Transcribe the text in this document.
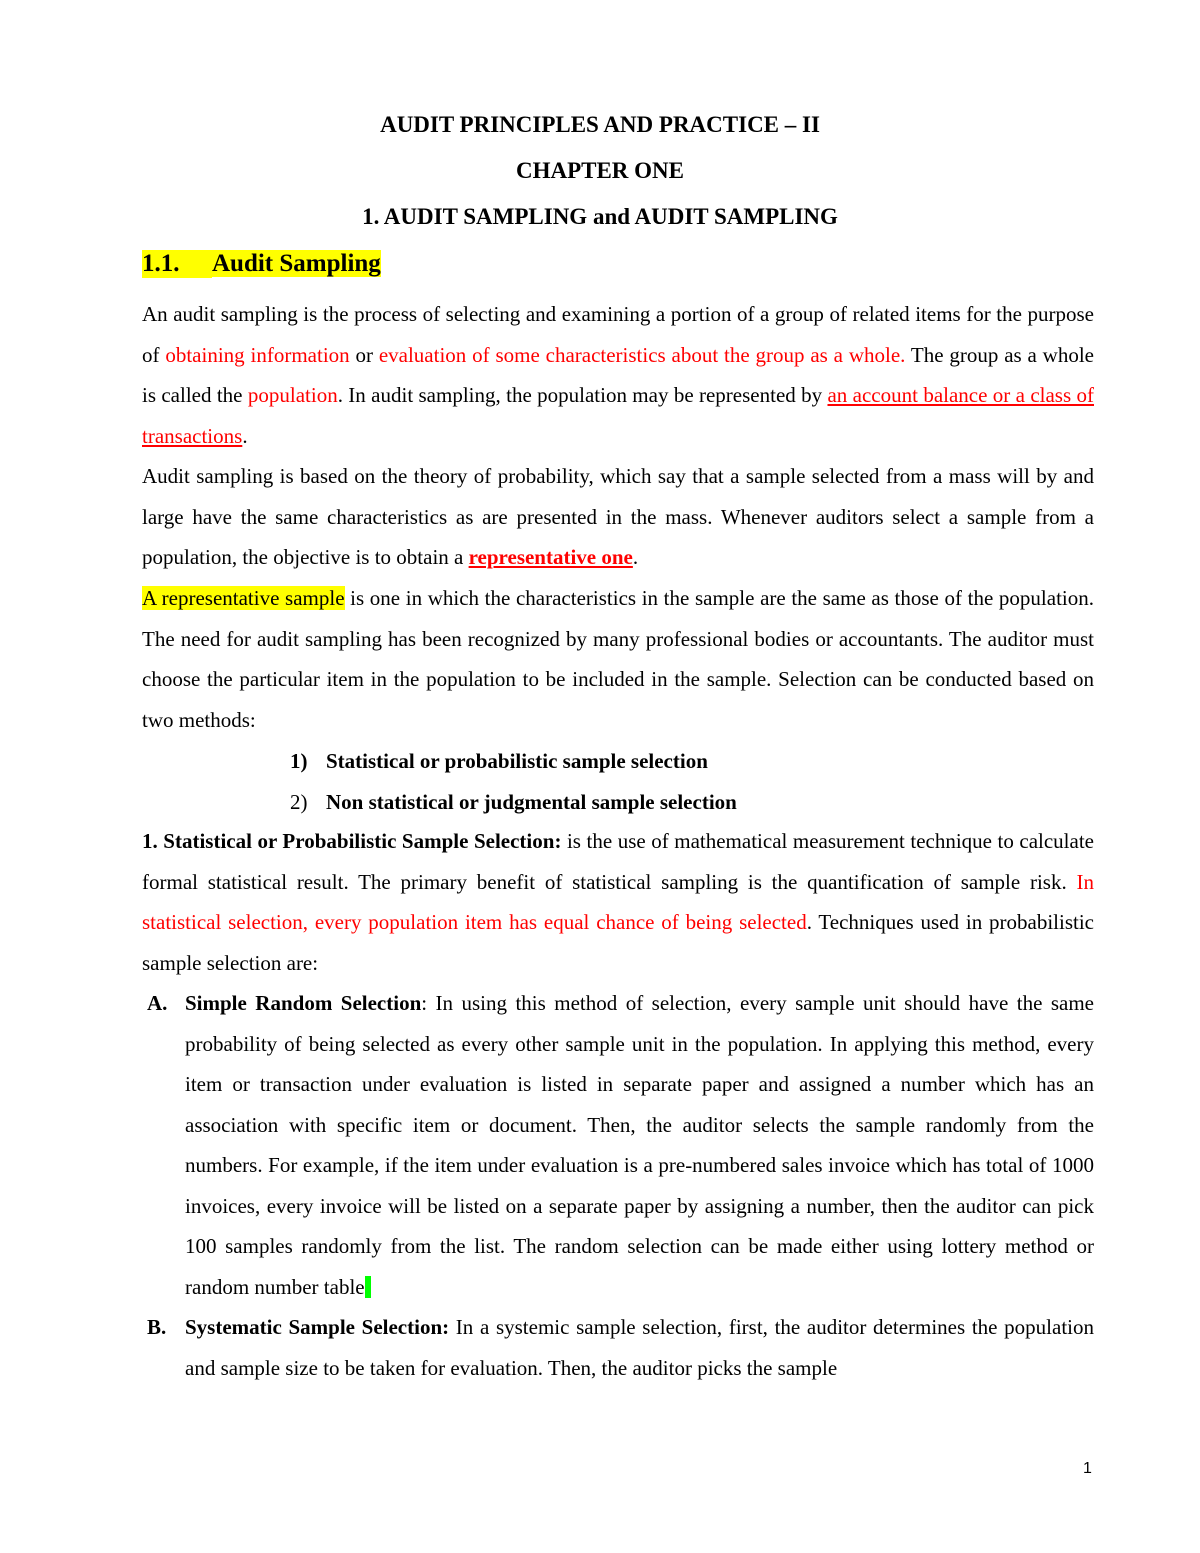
AUDIT PRINCIPLES AND PRACTICE – II
CHAPTER ONE
1. AUDIT SAMPLING and AUDIT SAMPLING
1.1. Audit Sampling
An audit sampling is the process of selecting and examining a portion of a group of related items for the purpose of obtaining information or evaluation of some characteristics about the group as a whole. The group as a whole is called the population. In audit sampling, the population may be represented by an account balance or a class of transactions.
Audit sampling is based on the theory of probability, which say that a sample selected from a mass will by and large have the same characteristics as are presented in the mass. Whenever auditors select a sample from a population, the objective is to obtain a representative one.
A representative sample is one in which the characteristics in the sample are the same as those of the population. The need for audit sampling has been recognized by many professional bodies or accountants. The auditor must choose the particular item in the population to be included in the sample. Selection can be conducted based on two methods:
1) Statistical or probabilistic sample selection
2) Non statistical or judgmental sample selection
1. Statistical or Probabilistic Sample Selection: is the use of mathematical measurement technique to calculate formal statistical result. The primary benefit of statistical sampling is the quantification of sample risk. In statistical selection, every population item has equal chance of being selected. Techniques used in probabilistic sample selection are:
A. Simple Random Selection: In using this method of selection, every sample unit should have the same probability of being selected as every other sample unit in the population. In applying this method, every item or transaction under evaluation is listed in separate paper and assigned a number which has an association with specific item or document. Then, the auditor selects the sample randomly from the numbers. For example, if the item under evaluation is a pre-numbered sales invoice which has total of 1000 invoices, every invoice will be listed on a separate paper by assigning a number, then the auditor can pick 100 samples randomly from the list. The random selection can be made either using lottery method or random number table
B. Systematic Sample Selection: In a systemic sample selection, first, the auditor determines the population and sample size to be taken for evaluation. Then, the auditor picks the sample
1
